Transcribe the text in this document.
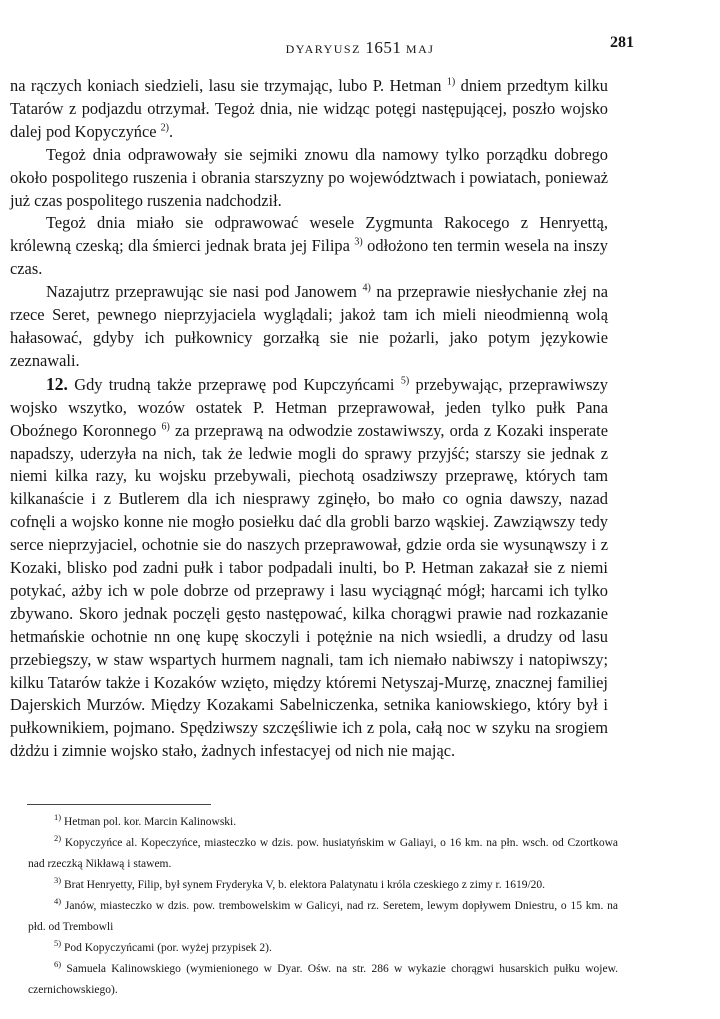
DYARYUSZ 1651 MAJ	281

na rączych koniach siedzieli, lasu sie trzymając, lubo P. Hetman $^{1)}$ dniem przedtym kilku Tatarów z podjazdu otrzymał. Tegoż dnia, nie widząc potęgi następującej, poszło wojsko dalej pod Kopyczyńce $^{2)}$.

Tegoż dnia odprawowały sie sejmiki znowu dla namowy tylko porządku dobrego około pospolitego ruszenia i obrania starszyzny po województwach i powiatach, ponieważ już czas pospolitego ruszenia nadchodził.

Tegoż dnia miało sie odprawować wesele Zygmunta Rakocego z Henryettą, królewną czeską; dla śmierci jednak brata jej Filipa $^{3)}$ odłożono ten termin wesela na inszy czas.

Nazajutrz przeprawując sie nasi pod Janowem $^{4)}$ na przeprawie niesłychanie złej na rzece Seret, pewnego nieprzyjaciela wyglądali; jakoż tam ich mieli nieodmienną wolą hałasować, gdyby ich pułkownicy gorzałką sie nie pożarli, jako potym językowie zeznawali.

12. Gdy trudną także przeprawę pod Kupczyńcami $^{5)}$ przebywając, przeprawiwszy wojsko wszytko, wozów ostatek P. Hetman przeprawował, jeden tylko pułk Pana Oboźnego Koronnego $^{6)}$ za przeprawą na odwodzie zostawiwszy, orda z Kozaki insperate napadszy, uderzyła na nich, tak że ledwie mogli do sprawy przyjść; starszy sie jednak z niemi kilka razy, ku wojsku przebywali, piechotą osadziwszy przeprawę, których tam kilkanaście i z Butlerem dla ich niesprawy zginęło, bo mało co ognia dawszy, nazad cofnęli a wojsko konne nie mogło posiełku dać dla grobli barzo wąskiej. Zawziąwszy tedy serce nieprzyjaciel, ochotnie sie do naszych przeprawował, gdzie orda sie wysunąwszy i z Kozaki, blisko pod zadni pułk i tabor podpadali inulti, bo P. Hetman zakazał sie z niemi potykać, ażby ich w pole dobrze od przeprawy i lasu wyciągnąć mógł; harcami ich tylko zbywano. Skoro jednak poczęli gęsto następować, kilka chorągwi prawie nad rozkazanie hetmańskie ochotnie nn onę kupę skoczyli i potężnie na nich wsiedli, a drudzy od lasu przebiegszy, w staw wspartych hurmem nagnali, tam ich niemało nabiwszy i natopiwszy; kilku Tatarów także i Kozaków wzięto, między któremi Netyszaj-Murzę, znacznej familiej Dajerskich Murzów. Między Kozakami Sabelniczenka, setnika kaniowskiego, który był i pułkownikiem, pojmano. Spędziwszy szczęśliwie ich z pola, całą noc w szyku na srogiem dżdżu i zimnie wojsko stało, żadnych infestacyej od nich nie mając.

$^{1)}$ Hetman pol. kor. Marcin Kalinowski.

$^{2)}$ Kopyczyńce al. Kopeczyńce, miasteczko w dzis. pow. husiatyńskim w Galiayi, o 16 km. na płn. wsch. od Czortkowa nad rzeczką Nikławą i stawem.

$^{3)}$ Brat Henryetty, Filip, był synem Fryderyka V, b. elektora Palatynatu i króla czeskiego z zimy r. 1619/20.

$^{4)}$ Janów, miasteczko w dzis. pow. trembowelskim w Galicyi, nad rz. Seretem, lewym dopływem Dniestru, o 15 km. na płd. od Trembowli

$^{5)}$ Pod Kopyczyńcami (por. wyżej przypisek 2).

$^{6)}$ Samuela Kalinowskiego (wymienionego w Dyar. Ośw. na str. 286 w wykazie chorągwi husarskich pułku wojew. czernichowskiego).
